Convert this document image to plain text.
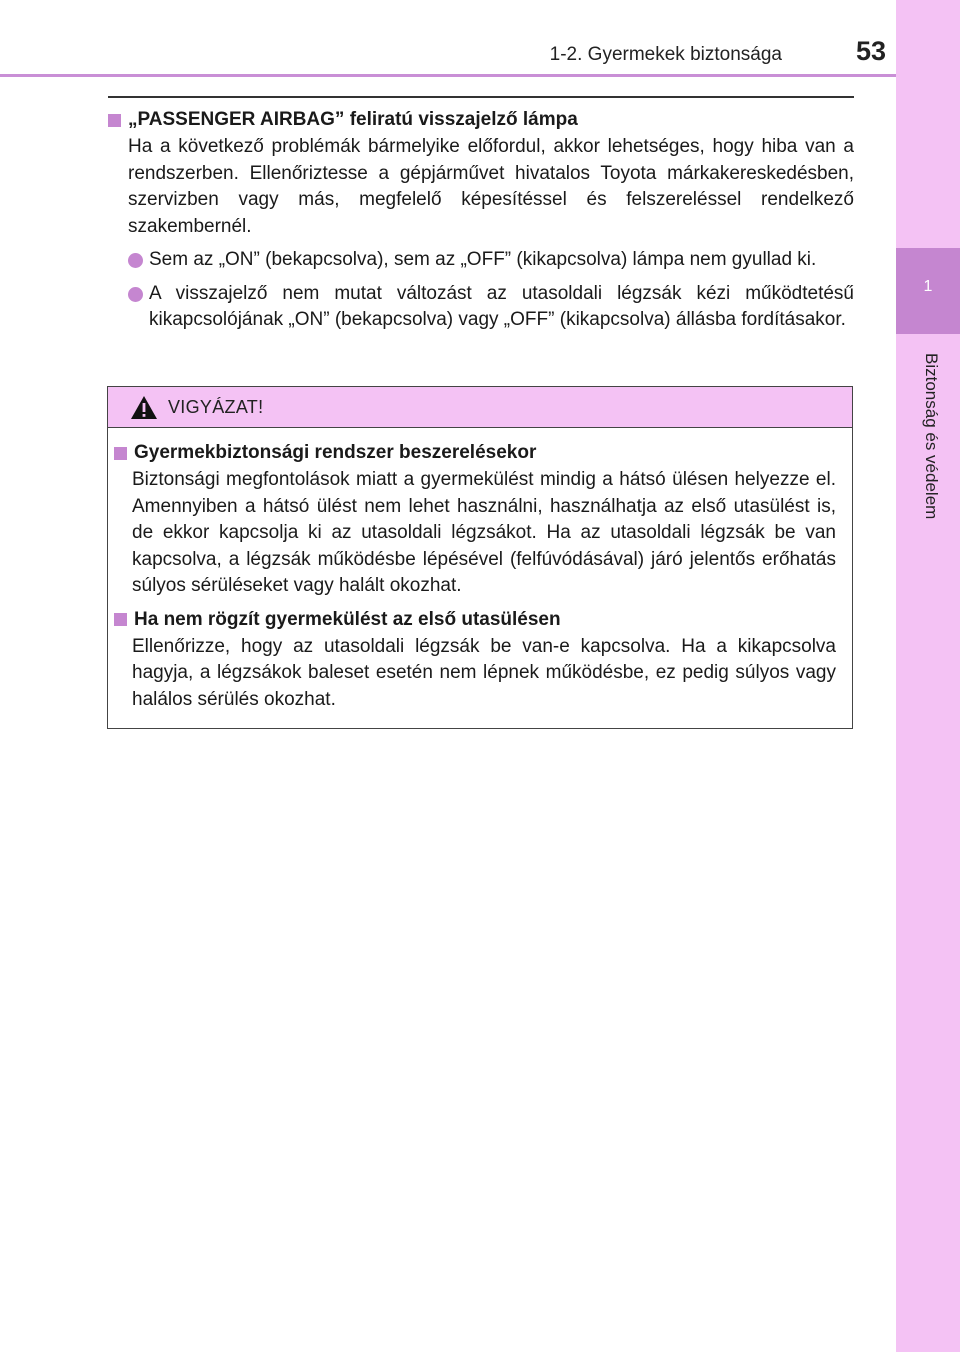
1-2. Gyermekek biztonsága	53
1
Biztonság és védelem
„PASSENGER AIRBAG” feliratú visszajelző lámpa

Ha a következő problémák bármelyike előfordul, akkor lehetséges, hogy hiba van a rendszerben. Ellenőriztesse a gépjárművet hivatalos Toyota márkakereskedésben, szervizben vagy más, megfelelő képesítéssel és felszereléssel rendelkező szakembernél.

Sem az „ON” (bekapcsolva), sem az „OFF” (kikapcsolva) lámpa nem gyullad ki.
A visszajelző nem mutat változást az utasoldali légzsák kézi működtetésű kikapcsolójának „ON” (bekapcsolva) vagy „OFF” (kikapcsolva) állásba fordításakor.
VIGYÁZAT!
Gyermekbiztonsági rendszer beszerelésekor

Biztonsági megfontolások miatt a gyermekülést mindig a hátsó ülésen helyezze el. Amennyiben a hátsó ülést nem lehet használni, használhatja az első utasülést is, de ekkor kapcsolja ki az utasoldali légzsákot. Ha az utasoldali légzsák be van kapcsolva, a légzsák működésbe lépésével (felfúvódásával) járó jelentős erőhatás súlyos sérüléseket vagy halált okozhat.

Ha nem rögzít gyermekülést az első utasülésen

Ellenőrizze, hogy az utasoldali légzsák be van-e kapcsolva. Ha a kikapcsolva hagyja, a légzsákok baleset esetén nem lépnek működésbe, ez pedig súlyos vagy halálos sérülés okozhat.
